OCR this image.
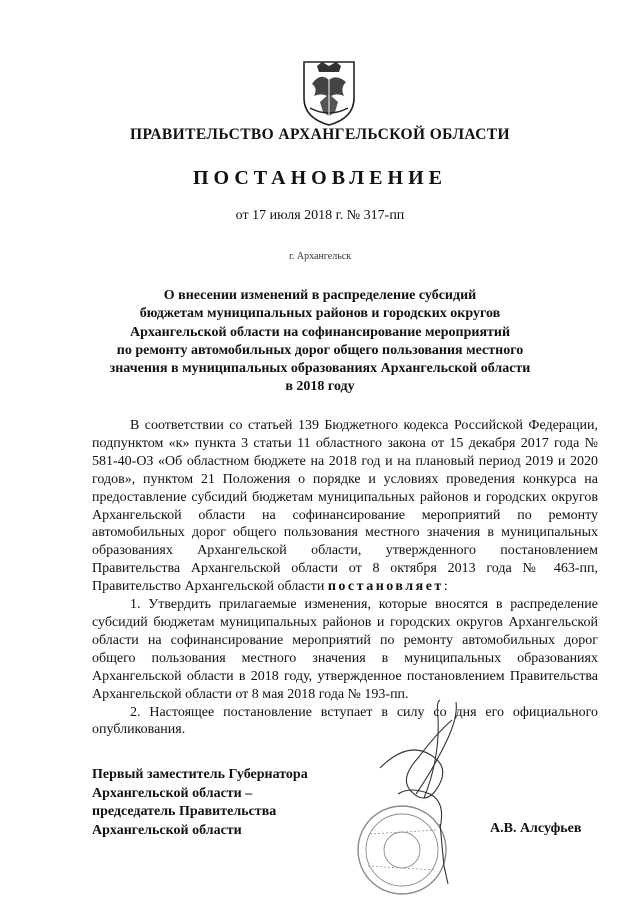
ПРАВИТЕЛЬСТВО АРХАНГЕЛЬСКОЙ ОБЛАСТИ
ПОСТАНОВЛЕНИЕ
от 17 июля 2018 г. № 317-пп
г. Архангельск
О внесении изменений в распределение субсидий
бюджетам муниципальных районов и городских округов
Архангельской области на софинансирование мероприятий
по ремонту автомобильных дорог общего пользования местного
значения в муниципальных образованиях Архангельской области
в 2018 году

В соответствии со статьей 139 Бюджетного кодекса Российской Федерации, подпунктом «к» пункта 3 статьи 11 областного закона от 15 декабря 2017 года № 581-40-ОЗ «Об областном бюджете на 2018 год и на плановый период 2019 и 2020 годов», пунктом 21 Положения о порядке и условиях проведения конкурса на предоставление субсидий бюджетам муниципальных районов и городских округов Архангельской области на софинансирование мероприятий по ремонту автомобильных дорог общего пользования местного значения в муниципальных образованиях Архангельской области, утвержденного постановлением Правительства Архангельской области от 8 октября 2013 года № 463-пп, Правительство Архангельской области постановляет:

1. Утвердить прилагаемые изменения, которые вносятся в распределение субсидий бюджетам муниципальных районов и городских округов Архангельской области на софинансирование мероприятий по ремонту автомобильных дорог общего пользования местного значения в муниципальных образованиях Архангельской области в 2018 году, утвержденное постановлением Правительства Архангельской области от 8 мая 2018 года № 193-пп.

2. Настоящее постановление вступает в силу со дня его официального опубликования.

Первый заместитель Губернатора
Архангельской области –
председатель Правительства
Архангельской области	А.В. Алсуфьев
